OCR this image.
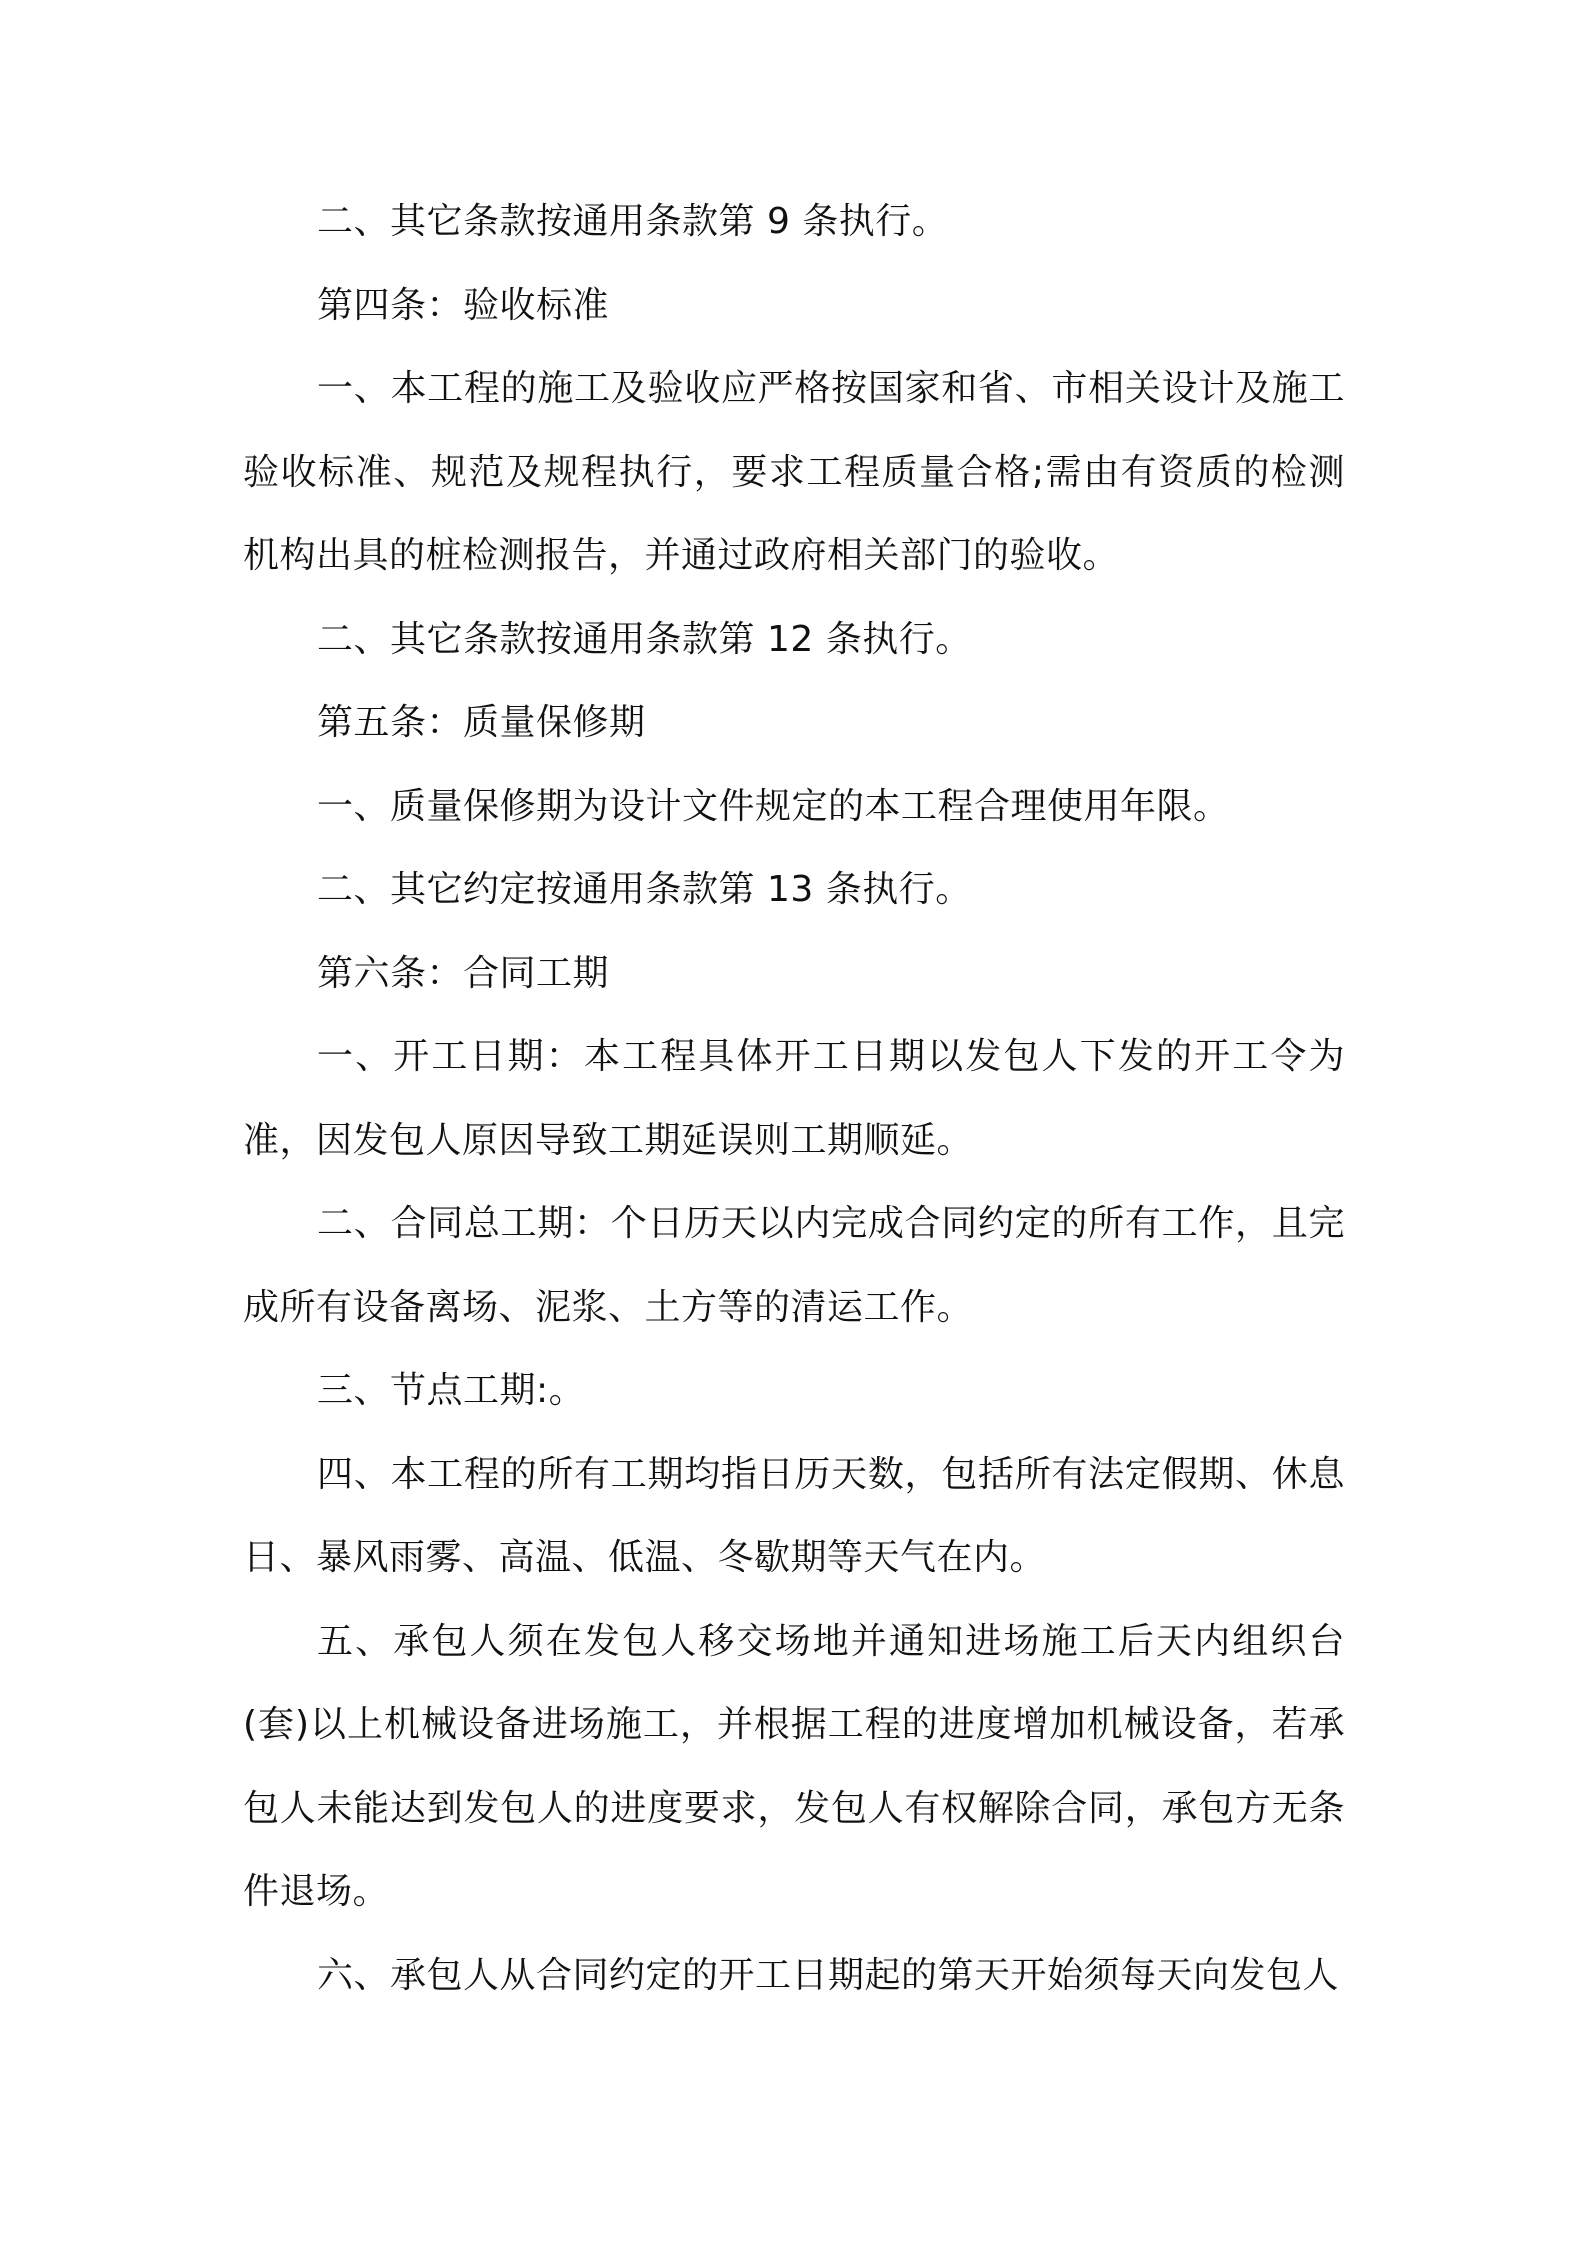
二、其它条款按通用条款第 9 条执行。

第四条：验收标准

一、本工程的施工及验收应严格按国家和省、市相关设计及施工验收标准、规范及规程执行，要求工程质量合格;需由有资质的检测机构出具的桩检测报告，并通过政府相关部门的验收。

二、其它条款按通用条款第 12 条执行。

第五条：质量保修期

一、质量保修期为设计文件规定的本工程合理使用年限。

二、其它约定按通用条款第 13 条执行。

第六条：合同工期

一、开工日期：本工程具体开工日期以发包人下发的开工令为准，因发包人原因导致工期延误则工期顺延。

二、合同总工期：个日历天以内完成合同约定的所有工作，且完成所有设备离场、泥浆、土方等的清运工作。

三、节点工期:。

四、本工程的所有工期均指日历天数，包括所有法定假期、休息日、暴风雨雾、高温、低温、冬歇期等天气在内。

五、承包人须在发包人移交场地并通知进场施工后天内组织台(套)以上机械设备进场施工，并根据工程的进度增加机械设备，若承包人未能达到发包人的进度要求，发包人有权解除合同，承包方无条件退场。

六、承包人从合同约定的开工日期起的第天开始须每天向发包人
